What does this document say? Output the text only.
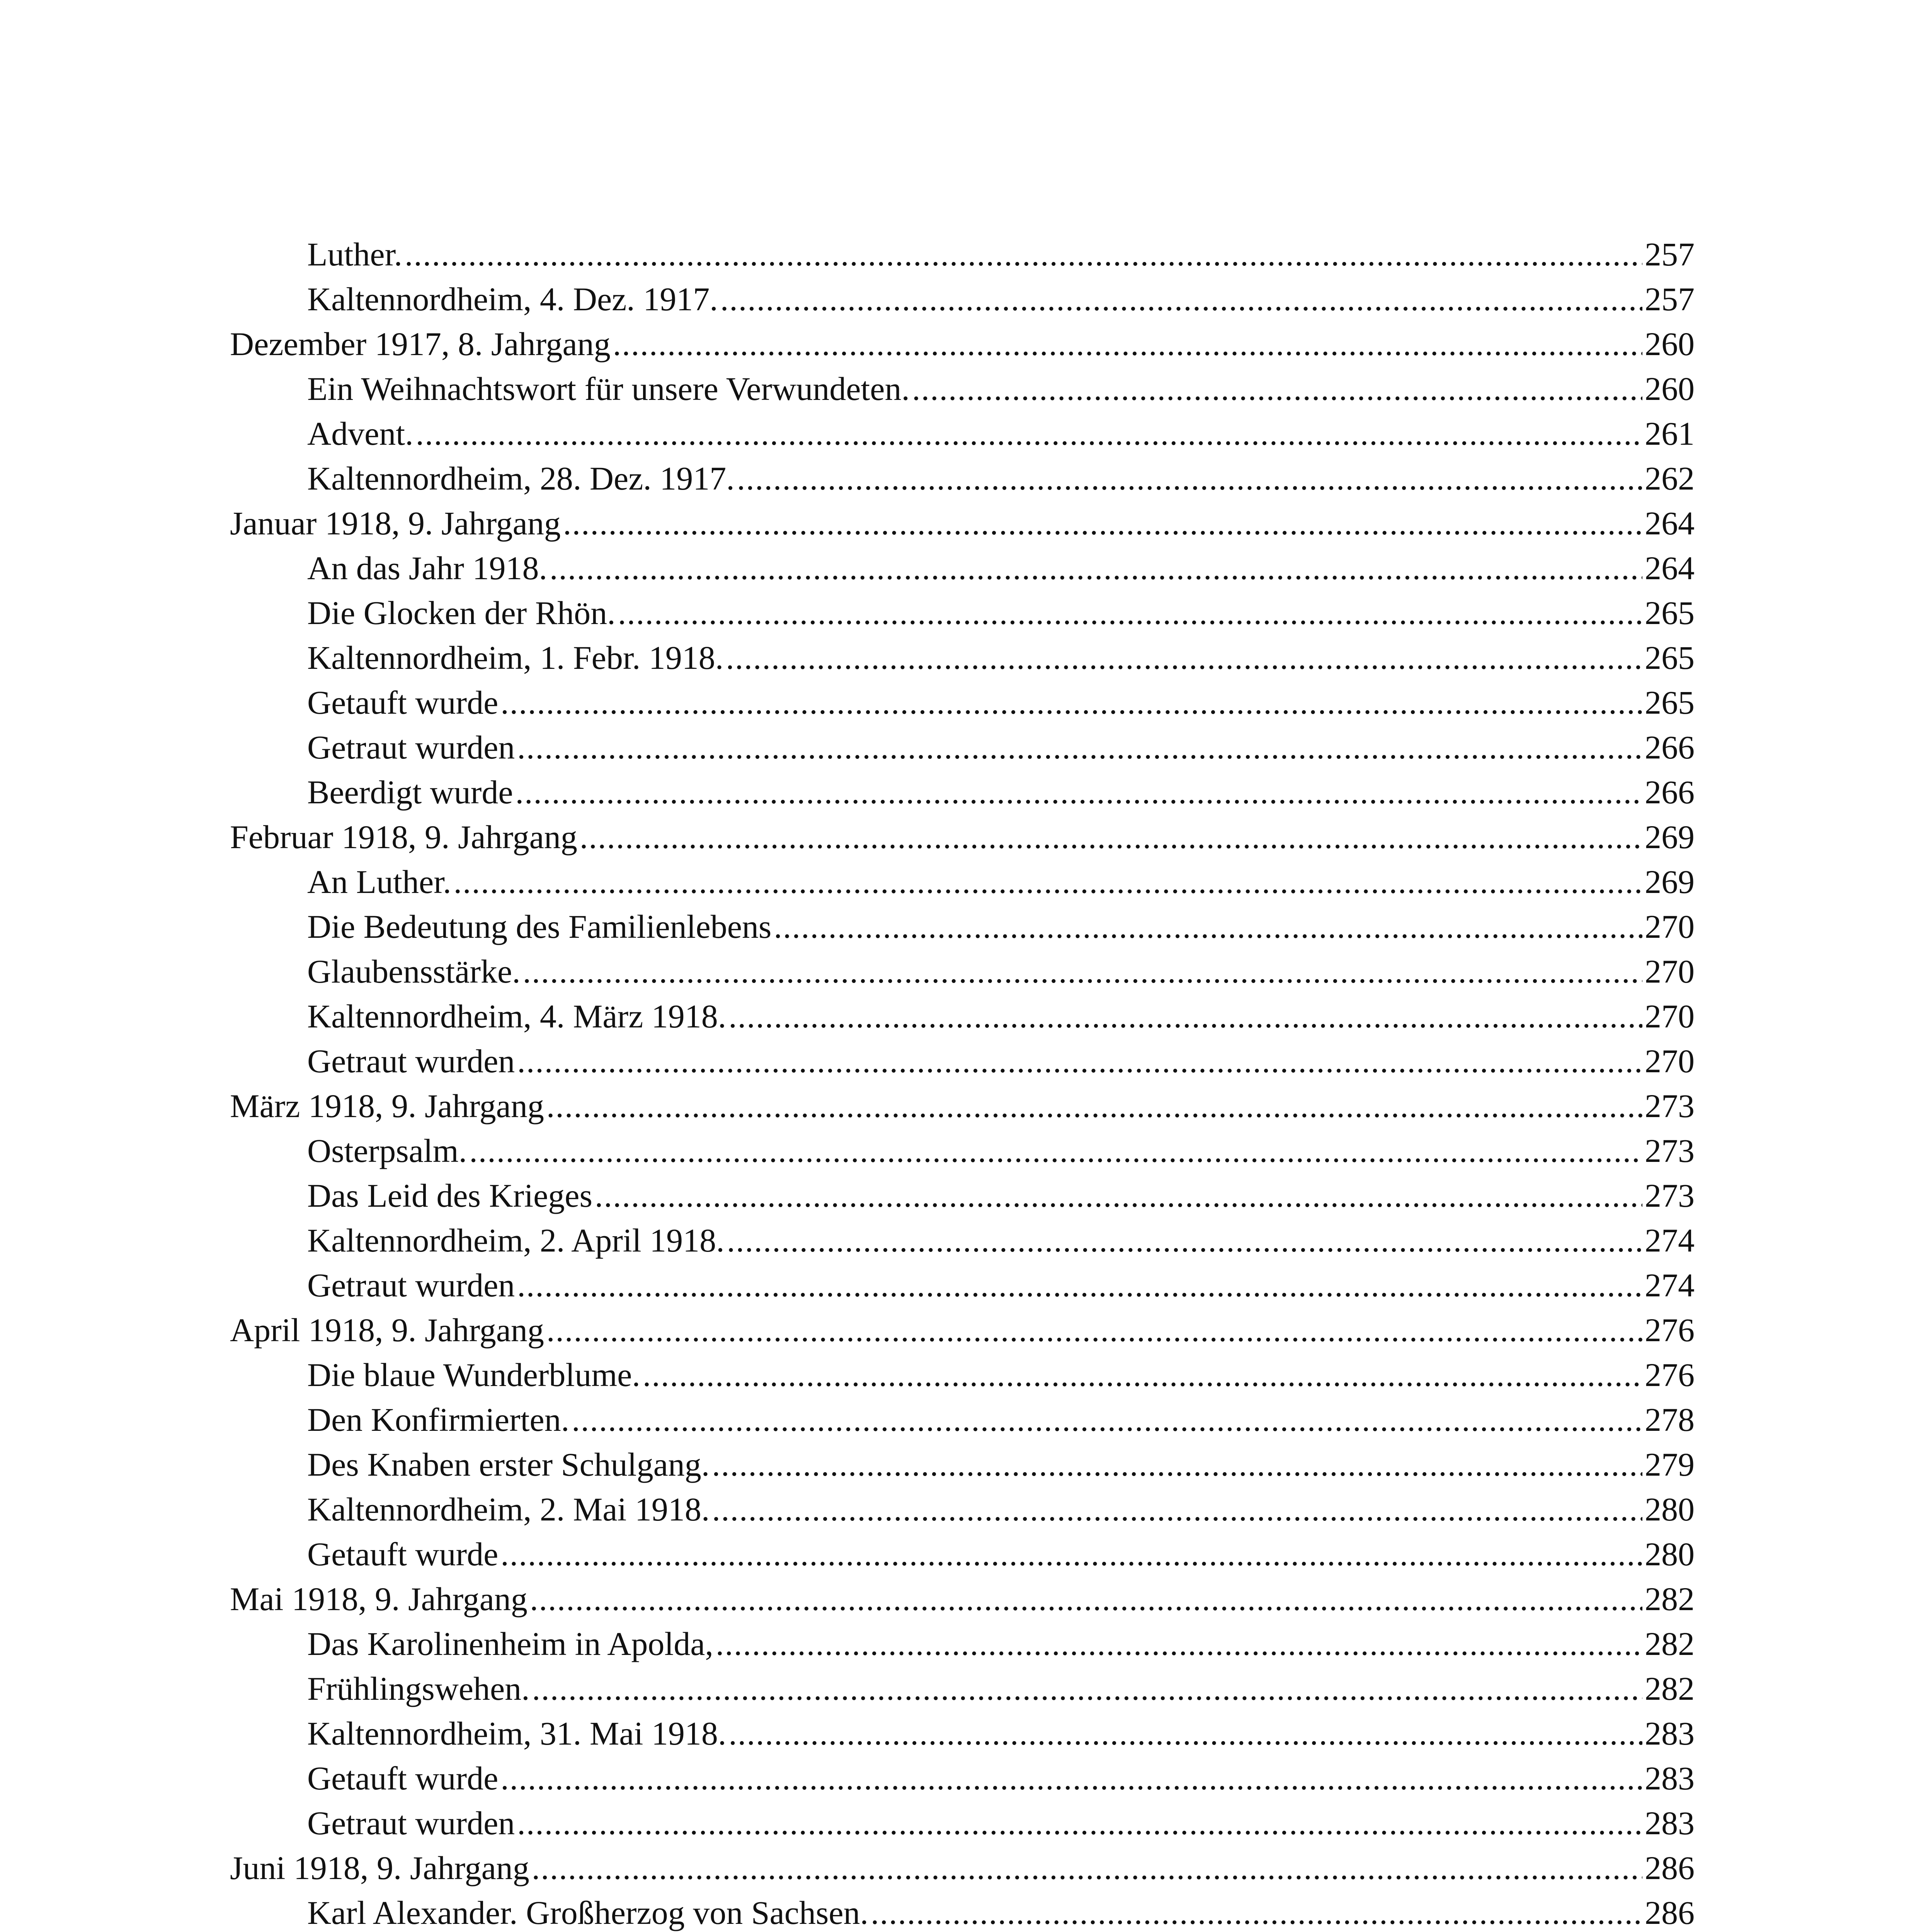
Luther. .....	257
Kaltennordheim, 4. Dez. 1917. .....	257
Dezember 1917, 8. Jahrgang .....	260
Ein Weihnachtswort für unsere Verwundeten. .....	260
Advent. .....	261
Kaltennordheim, 28. Dez. 1917. .....	262
Januar 1918, 9. Jahrgang .....	264
An das Jahr 1918. .....	264
Die Glocken der Rhön. .....	265
Kaltennordheim, 1. Febr. 1918. .....	265
Getauft wurde .....	265
Getraut wurden .....	266
Beerdigt wurde .....	266
Februar 1918, 9. Jahrgang .....	269
An Luther. .....	269
Die Bedeutung des Familienlebens .....	270
Glaubensstärke. .....	270
Kaltennordheim, 4. März 1918. .....	270
Getraut wurden .....	270
März 1918, 9. Jahrgang .....	273
Osterpsalm. .....	273
Das Leid des Krieges .....	273
Kaltennordheim, 2. April 1918. .....	274
Getraut wurden .....	274
April 1918, 9. Jahrgang .....	276
Die blaue Wunderblume. .....	276
Den Konfirmierten. .....	278
Des Knaben erster Schulgang. .....	279
Kaltennordheim, 2. Mai 1918. .....	280
Getauft wurde .....	280
Mai 1918, 9. Jahrgang .....	282
Das Karolinenheim in Apolda, .....	282
Frühlingswehen. .....	282
Kaltennordheim, 31. Mai 1918. .....	283
Getauft wurde .....	283
Getraut wurden .....	283
Juni 1918, 9. Jahrgang .....	286
Karl Alexander. Großherzog von Sachsen. .....	286
